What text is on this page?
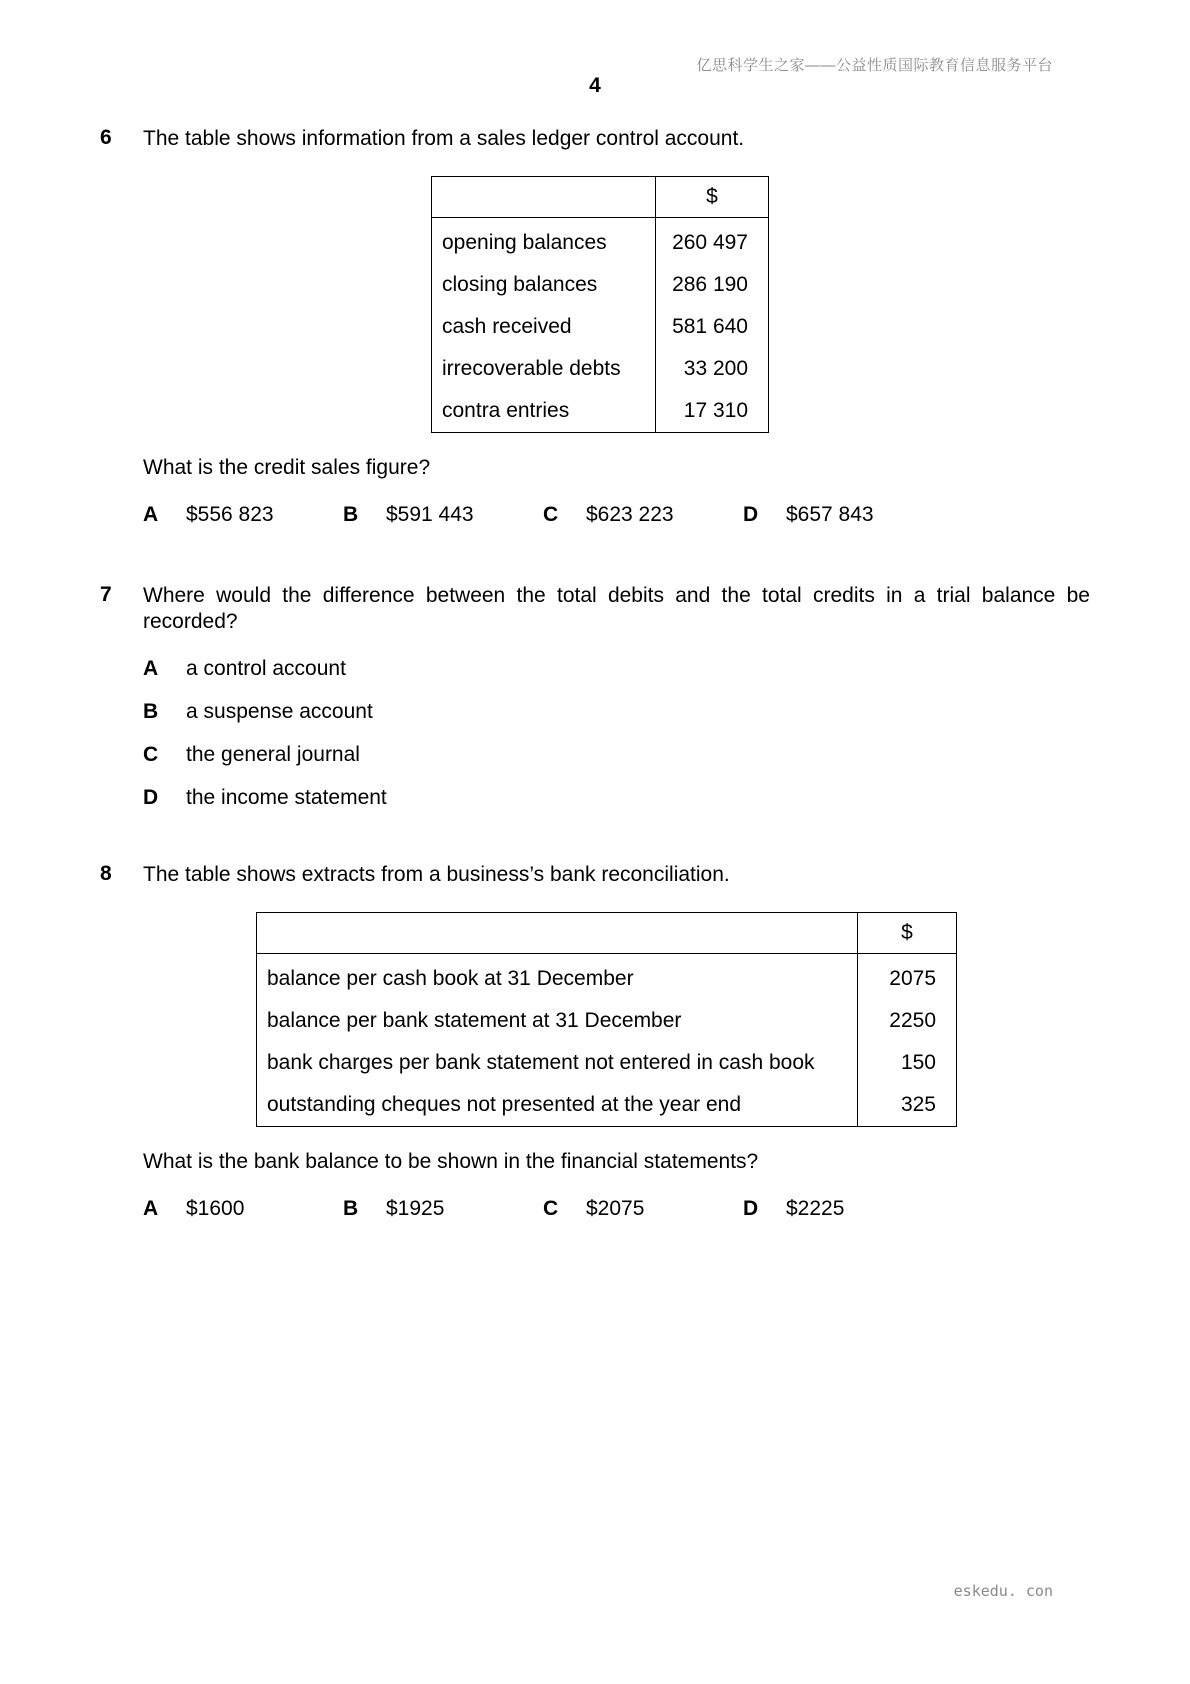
亿思科学生之家——公益性质国际教育信息服务平台
4
6 The table shows information from a sales ledger control account.
	$
opening balances	260 497
closing balances	286 190
cash received	581 640
irrecoverable debts	33 200
contra entries	17 310
What is the credit sales figure?
A $556 823	B $591 443	C $623 223	D $657 843
7 Where would the difference between the total debits and the total credits in a trial balance be recorded?
A a control account
B a suspense account
C the general journal
D the income statement
8 The table shows extracts from a business’s bank reconciliation.
	$
balance per cash book at 31 December	2075
balance per bank statement at 31 December	2250
bank charges per bank statement not entered in cash book	150
outstanding cheques not presented at the year end	325
What is the bank balance to be shown in the financial statements?
A $1600	B $1925	C $2075	D $2225
eskedu. con
